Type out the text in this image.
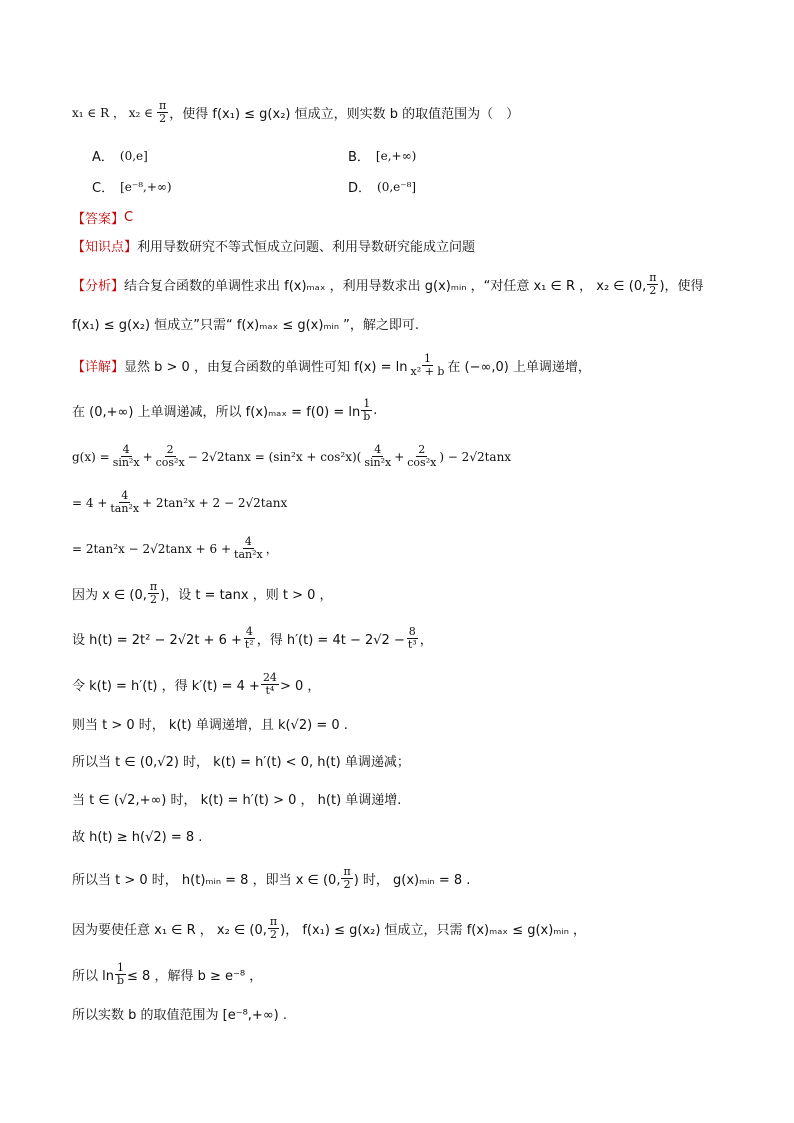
x₁ ∈ R ， x₂ ∈ $\frac{\pi}{2}$ ，使得 f(x₁) ≤ g(x₂) 恒成立，则实数 b 的取值范围为（　）
A． (0,e]	B． [e,+∞)
C． [e⁻⁸,+∞)	D． (0,e⁻⁸]
【答案】 C
【知识点】 利用导数研究不等式恒成立问题、利用导数研究能成立问题
【分析】 结合复合函数的单调性求出 f(x)ₘₐₓ ，利用导数求出 g(x)ₘᵢₙ ，“对任意 x₁ ∈ R ， x₂ ∈ (0, $\frac{\pi}{2}$ )，使得
f(x₁) ≤ g(x₂) 恒成立”只需“ f(x)ₘₐₓ ≤ g(x)ₘᵢₙ ”，解之即可.
【详解】 显然 b > 0 ，由复合函数的单调性可知 $f(x) = \ln \frac{1}{\text{x² + b}}$ 在 (−∞,0) 上单调递增，
在 (0,+∞) 上单调递减，所以 $f(x)_{max} = f(0) = \ln \frac{1}{b}$ .
$g(x) = \frac{4}{\text{sin²x}} + \frac{2}{\text{cos²x}} - 2√2\tan x = (\sin^2x + \cos^2x)( \frac{4}{\text{sin²x}} + \frac{2}{\text{cos²x}}$ ) − 2√2tanx
= $4 + \frac{4}{\text{tan²x}} + 2\tan^2x + 2 - 2√2\tan x$
= $2\tan^2x - 2√2\tan x + 6 + \frac{4}{\text{tan²x}}$ ，
因为 x ∈ (0, $\frac{\pi}{2}$ )，设 t = tanx ，则 t > 0 ，
设 $h(t) = 2t^2 - 2√2t + 6 + \frac{4}{\text{t²}}$ ，得 $h'(t) = 4t - 2√2 - \frac{8}{\text{t³}}$ ，
令 k(t) = h′(t) ，得 $k'(t) = 4 + \frac{24}{\text{t⁴}} > 0$ ，
则当 t > 0 时， k(t) 单调递增，且 k(√2) = 0 .
所以当 t ∈ (0,√2) 时， k(t) = h′(t) < 0, h(t) 单调递减；
当 t ∈ (√2,+∞) 时， k(t) = h′(t) > 0 ， h(t) 单调递增.
故 h(t) ≥ h(√2) = 8 .
所以当 t > 0 时， h(t)ₘᵢₙ = 8 ，即当 x ∈ (0, $\frac{\pi}{2}$ ) 时， g(x)ₘᵢₙ = 8 .
因为要使任意 x₁ ∈ R ， x₂ ∈ (0, $\frac{\pi}{2}$ )， f(x₁) ≤ g(x₂) 恒成立，只需 f(x)ₘₐₓ ≤ g(x)ₘᵢₙ ，
所以 $\ln \frac{1}{b} \le 8$ ，解得 b ≥ e⁻⁸ ，
所以实数 b 的取值范围为 [e⁻⁸,+∞) .
